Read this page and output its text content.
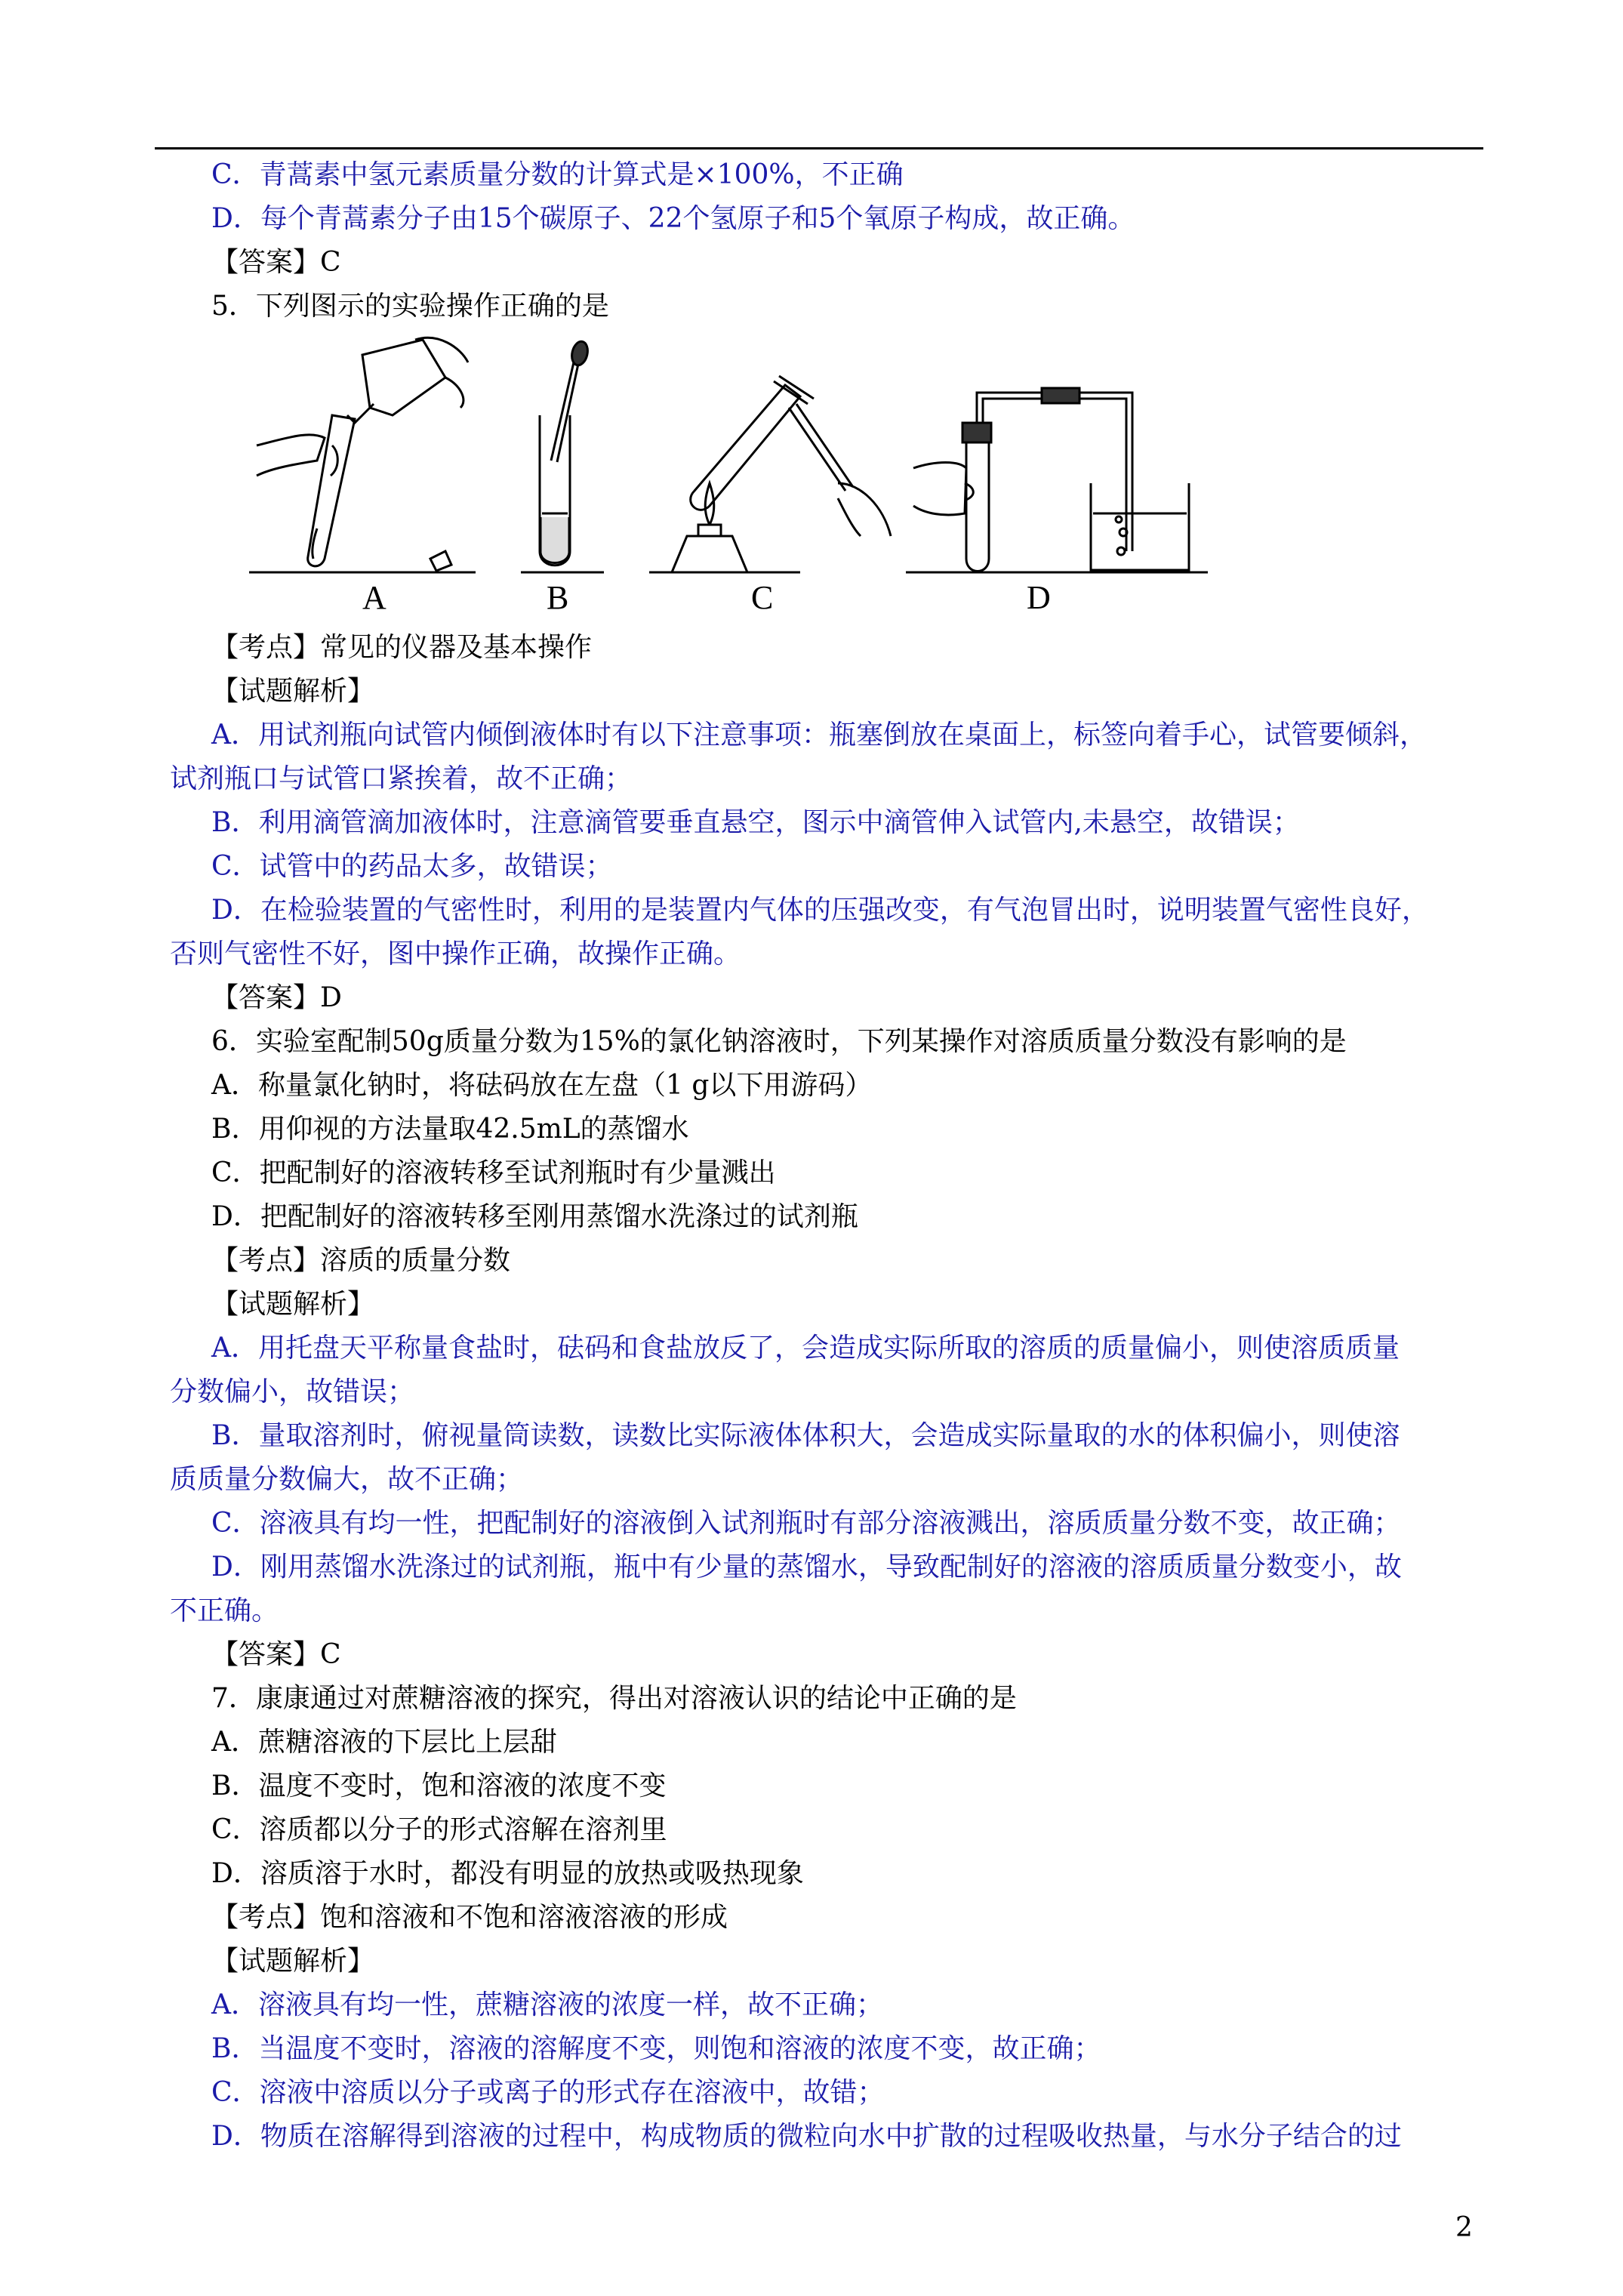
C．青蒿素中氢元素质量分数的计算式是×100%，不正确
D．每个青蒿素分子由15个碳原子、22个氢原子和5个氧原子构成，故正确。
【答案】C
5．下列图示的实验操作正确的是
【考点】常见的仪器及基本操作
【试题解析】
A．用试剂瓶向试管内倾倒液体时有以下注意事项：瓶塞倒放在桌面上，标签向着手心，试管要倾斜，
试剂瓶口与试管口紧挨着，故不正确；
B．利用滴管滴加液体时，注意滴管要垂直悬空，图示中滴管伸入试管内,未悬空，故错误；
C．试管中的药品太多，故错误；
D．在检验装置的气密性时，利用的是装置内气体的压强改变，有气泡冒出时，说明装置气密性良好，
否则气密性不好，图中操作正确，故操作正确。
【答案】D
6．实验室配制50g质量分数为15%的氯化钠溶液时，下列某操作对溶质质量分数没有影响的是
A．称量氯化钠时，将砝码放在左盘（1 g以下用游码）
B．用仰视的方法量取42.5mL的蒸馏水
C．把配制好的溶液转移至试剂瓶时有少量溅出
D．把配制好的溶液转移至刚用蒸馏水洗涤过的试剂瓶
【考点】溶质的质量分数
【试题解析】
A．用托盘天平称量食盐时，砝码和食盐放反了，会造成实际所取的溶质的质量偏小，则使溶质质量
分数偏小，故错误；
B．量取溶剂时，俯视量筒读数，读数比实际液体体积大，会造成实际量取的水的体积偏小，则使溶
质质量分数偏大，故不正确；
C．溶液具有均一性，把配制好的溶液倒入试剂瓶时有部分溶液溅出，溶质质量分数不变，故正确；
D．刚用蒸馏水洗涤过的试剂瓶，瓶中有少量的蒸馏水，导致配制好的溶液的溶质质量分数变小，故
不正确。
【答案】C
7．康康通过对蔗糖溶液的探究，得出对溶液认识的结论中正确的是
A．蔗糖溶液的下层比上层甜
B．温度不变时，饱和溶液的浓度不变
C．溶质都以分子的形式溶解在溶剂里
D．溶质溶于水时，都没有明显的放热或吸热现象
【考点】饱和溶液和不饱和溶液溶液的形成
【试题解析】
A．溶液具有均一性，蔗糖溶液的浓度一样，故不正确；
B．当温度不变时，溶液的溶解度不变，则饱和溶液的浓度不变，故正确；
C．溶液中溶质以分子或离子的形式存在溶液中，故错；
D．物质在溶解得到溶液的过程中，构成物质的微粒向水中扩散的过程吸收热量，与水分子结合的过
A	B	C	D
2
